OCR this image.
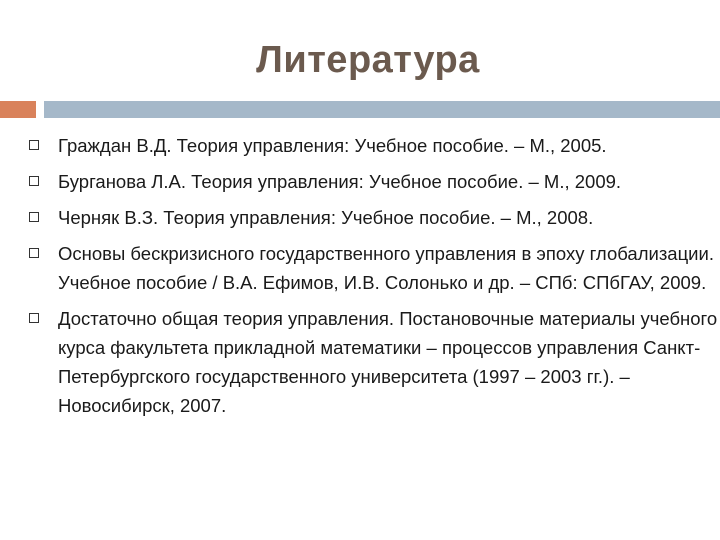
Литература
Граждан В.Д. Теория управления: Учебное пособие. – М., 2005.
Бурганова Л.А. Теория управления: Учебное пособие. – М., 2009.
Черняк В.З. Теория управления: Учебное пособие. – М., 2008.
Основы бескризисного государственного управления в эпоху глобализации. Учебное пособие / В.А. Ефимов, И.В. Солонько и др. – СПб: СПбГАУ, 2009.
Достаточно общая теория управления. Постановочные материалы учебного курса факультета прикладной математики – процессов управления Санкт-Петербургского государственного университета (1997 – 2003 гг.). – Новосибирск, 2007.
